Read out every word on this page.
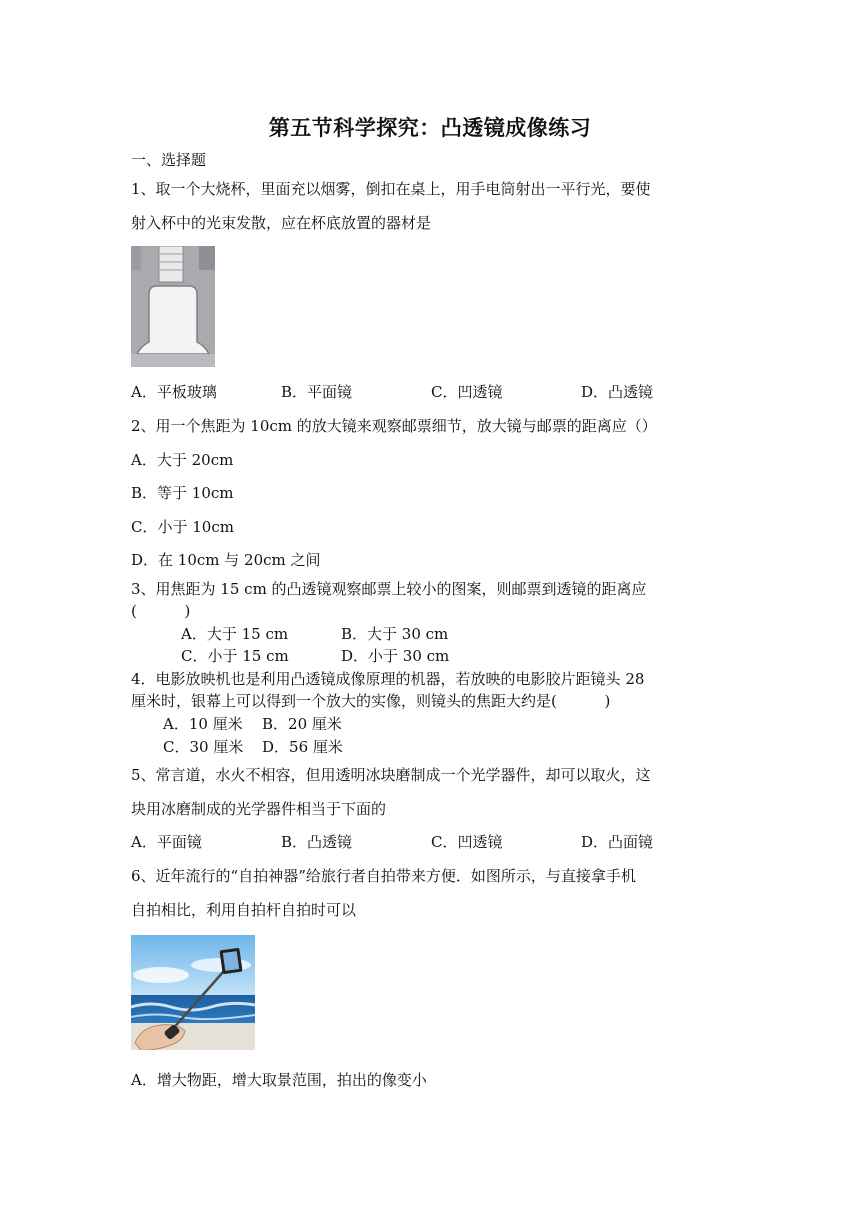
第五节科学探究：凸透镜成像练习
一、选择题
1、取一个大烧杯，里面充以烟雾，倒扣在桌上，用手电筒射出一平行光，要使
射入杯中的光束发散，应在杯底放置的器材是
A．平板玻璃	B．平面镜	C．凹透镜	D．凸透镜
2、用一个焦距为 10cm 的放大镜来观察邮票细节，放大镜与邮票的距离应（）
A．大于 20cm
B．等于 10cm
C．小于 10cm
D．在 10cm 与 20cm 之间
3、用焦距为 15 cm 的凸透镜观察邮票上较小的图案，则邮票到透镜的距离应
(          )
A．大于 15 cm	B．大于 30 cm
C．小于 15 cm	D．小于 30 cm
4．电影放映机也是利用凸透镜成像原理的机器，若放映的电影胶片距镜头 28
厘米时，银幕上可以得到一个放大的实像，则镜头的焦距大约是(          )
A．10 厘米 B．20 厘米
C．30 厘米 D．56 厘米
5、常言道，水火不相容，但用透明冰块磨制成一个光学器件，却可以取火，这
块用冰磨制成的光学器件相当于下面的
A．平面镜	B．凸透镜	C．凹透镜	D．凸面镜
6、近年流行的“自拍神器”给旅行者自拍带来方便．如图所示，与直接拿手机
自拍相比，利用自拍杆自拍时可以
A．增大物距，增大取景范围，拍出的像变小
